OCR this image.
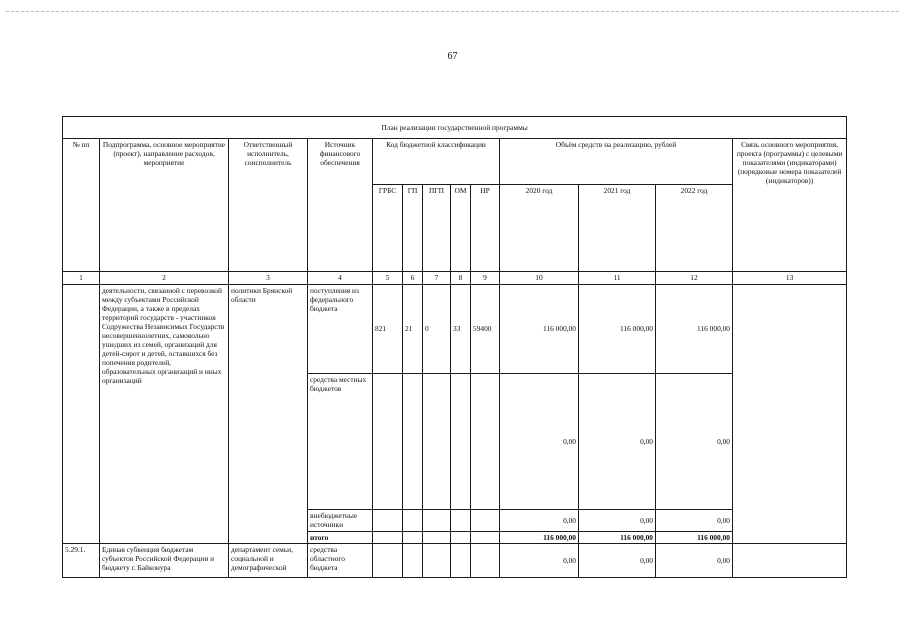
67
План реализации государственной программы												
№ пп	Подпрограмма, основное мероприятие (проект), направление расходов, мероприятие	Ответственный исполнитель, соисполнитель	Источник финансового обеспечения	Код бюджетной классификации					Объём средств на реализацию, рублей			Связь основного мероприятия, проекта (программы) с целевыми показателями (индикаторами) (порядковые номера показателей (индикаторов))
				ГРБС	ГП	ПГП	ОМ	НР	2020 год	2021 год	2022 год	
1	2	3	4	5	6	7	8	9	10	11	12	13
	деятельности, связанной с перевозкой между субъектами Российской Федерации, а также в пределах территорий государств - участников Содружества Независимых Государств несовершеннолетних, самовольно ушедших из семей, организаций для детей-сирот и детей, оставшихся без попечения родителей, образовательных организаций и иных организаций	политики Брянской области	поступления из федерального бюджета	821	21	0	33	59400	116 000,00	116 000,00	116 000,00	
			средства местных бюджетов						0,00	0,00	0,00	
			внебюджетные источники						0,00	0,00	0,00	
			итого						116 000,00	116 000,00	116 000,00	
5.29.1.	Единая субвенция бюджетам субъектов Российской Федерации и бюджету г. Байконура	департамент семьи, социальной и демографической	средства областного бюджета						0,00	0,00	0,00	
